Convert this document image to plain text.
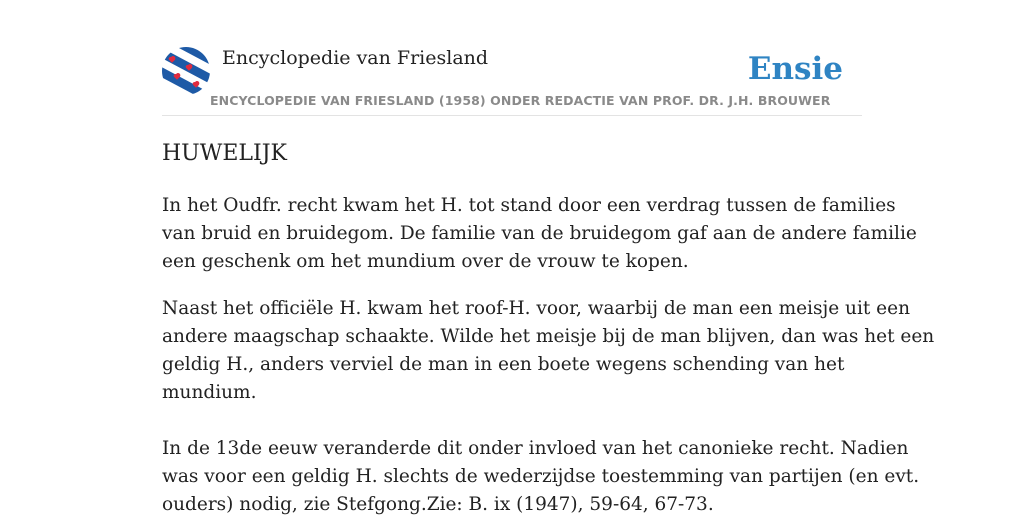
Encyclopedie van Friesland	Ensie
ENCYCLOPEDIE VAN FRIESLAND (1958) ONDER REDACTIE VAN PROF. DR. J.H. BROUWER
HUWELIJK

In het Oudfr. recht kwam het H. tot stand door een verdrag tussen de families
van bruid en bruidegom. De familie van de bruidegom gaf aan de andere familie
een geschenk om het mundium over de vrouw te kopen.

Naast het officiële H. kwam het roof-H. voor, waarbij de man een meisje uit een
andere maagschap schaakte. Wilde het meisje bij de man blijven, dan was het een
geldig H., anders verviel de man in een boete wegens schending van het
mundium.

In de 13de eeuw veranderde dit onder invloed van het canonieke recht. Nadien
was voor een geldig H. slechts de wederzijdse toestemming van partijen (en evt.
ouders) nodig, zie Stefgong.Zie: B. ix (1947), 59-64, 67-73.
